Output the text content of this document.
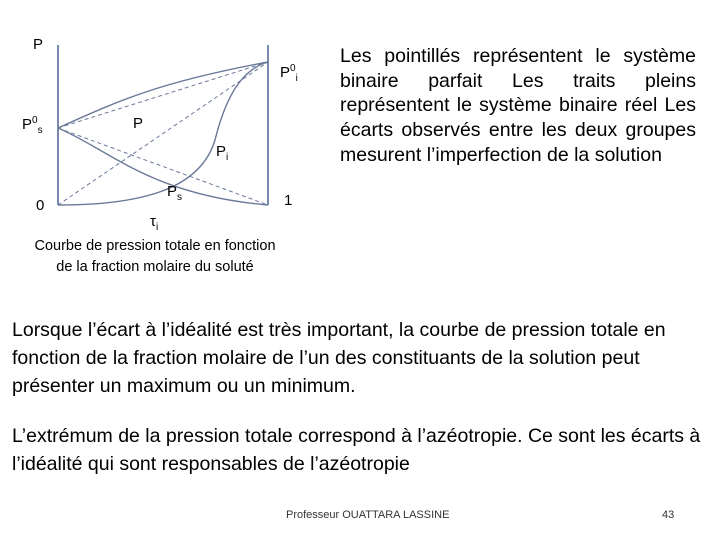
P
$P^0_i$
$P^0_s$	P
$P_i$
$P_s$
0	1
$\tau_i$
Courbe de pression totale en fonction
de la fraction molaire du soluté
Les pointillés représentent le système binaire parfait Les traits pleins représentent le système binaire réel Les écarts observés entre les deux groupes mesurent l’imperfection de la solution
Lorsque l’écart à l’idéalité est très important, la courbe de pression totale en fonction de la fraction molaire de l’un des constituants de la solution peut présenter un maximum ou un minimum.
L’extrémum de la pression totale correspond à l’azéotropie. Ce sont les écarts à l’idéalité qui sont responsables de l’azéotropie
Professeur OUATTARA LASSINE	43
